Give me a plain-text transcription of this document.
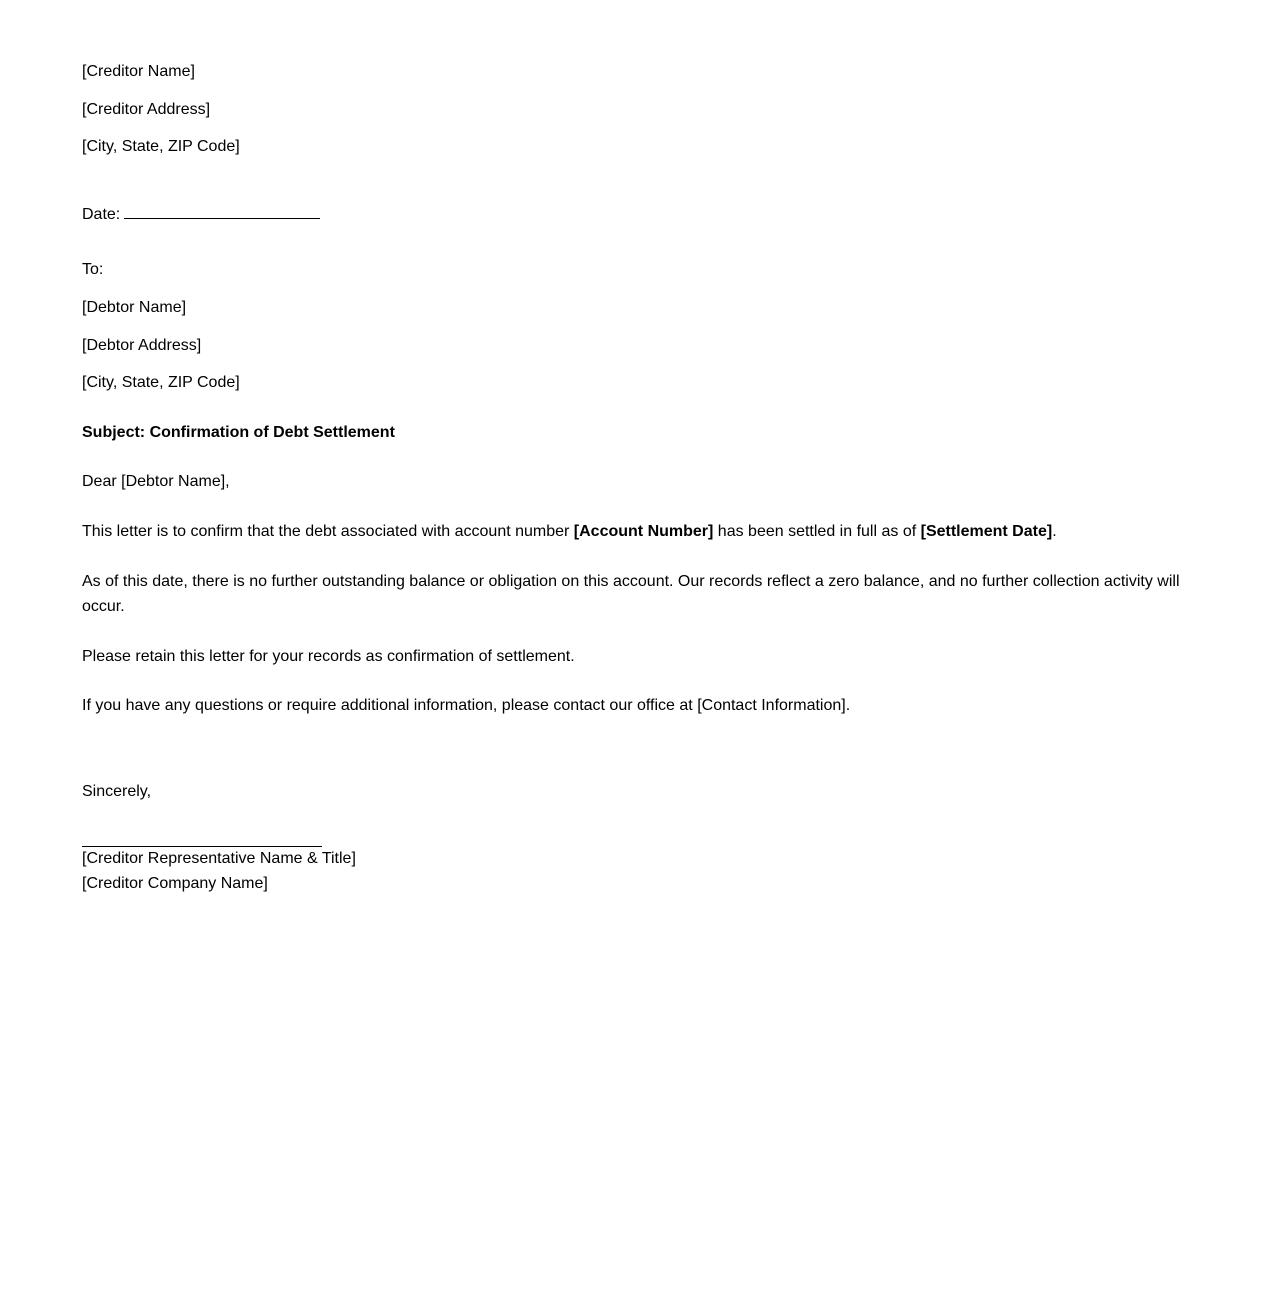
[Creditor Name]
[Creditor Address]
[City, State, ZIP Code]
Date:
To:
[Debtor Name]
[Debtor Address]
[City, State, ZIP Code]
Subject: Confirmation of Debt Settlement
Dear [Debtor Name],
This letter is to confirm that the debt associated with account number [Account Number] has been settled in full as of [Settlement Date].
As of this date, there is no further outstanding balance or obligation on this account. Our records reflect a zero balance, and no further collection activity will occur.
Please retain this letter for your records as confirmation of settlement.
If you have any questions or require additional information, please contact our office at [Contact Information].
Sincerely,
[Creditor Representative Name & Title]
[Creditor Company Name]
